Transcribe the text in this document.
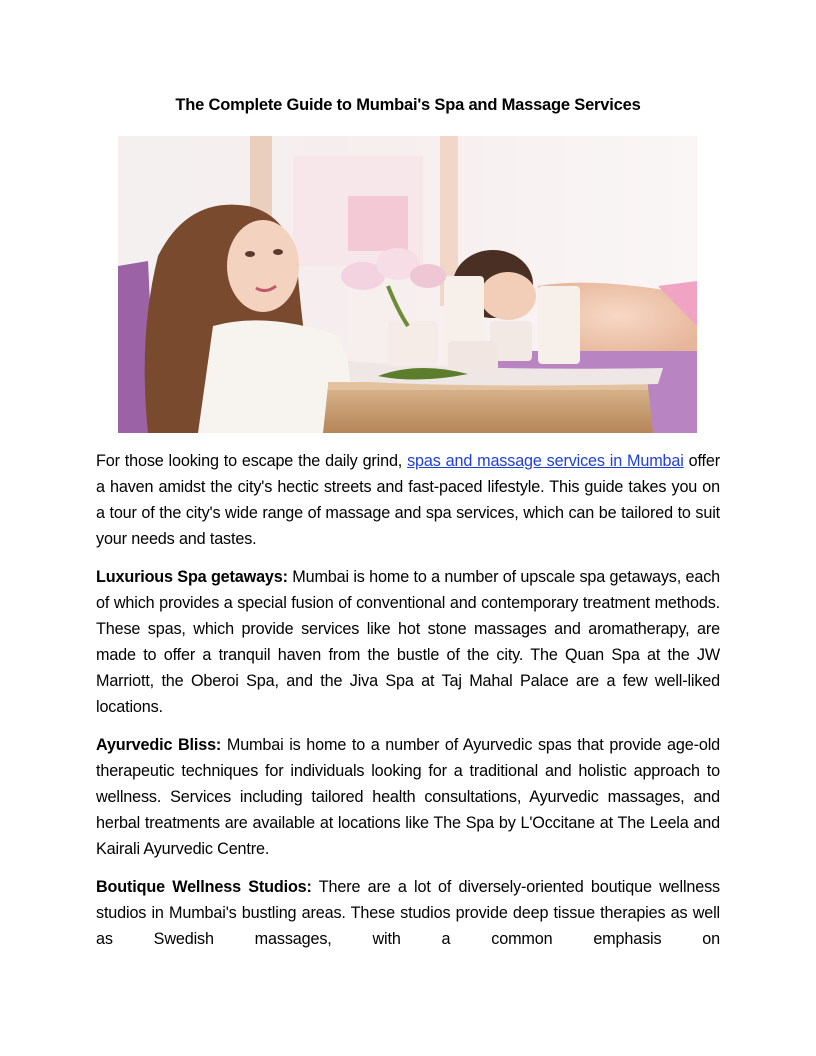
The Complete Guide to Mumbai's Spa and Massage Services

For those looking to escape the daily grind, spas and massage services in Mumbai offer a haven amidst the city's hectic streets and fast-paced lifestyle. This guide takes you on a tour of the city's wide range of massage and spa services, which can be tailored to suit your needs and tastes.

Luxurious Spa getaways: Mumbai is home to a number of upscale spa getaways, each of which provides a special fusion of conventional and contemporary treatment methods. These spas, which provide services like hot stone massages and aromatherapy, are made to offer a tranquil haven from the bustle of the city. The Quan Spa at the JW Marriott, the Oberoi Spa, and the Jiva Spa at Taj Mahal Palace are a few well-liked locations.

Ayurvedic Bliss: Mumbai is home to a number of Ayurvedic spas that provide age-old therapeutic techniques for individuals looking for a traditional and holistic approach to wellness. Services including tailored health consultations, Ayurvedic massages, and herbal treatments are available at locations like The Spa by L'Occitane at The Leela and Kairali Ayurvedic Centre.

Boutique Wellness Studios: There are a lot of diversely-oriented boutique wellness studios in Mumbai's bustling areas. These studios provide deep tissue therapies as well as Swedish massages, with a common emphasis on
